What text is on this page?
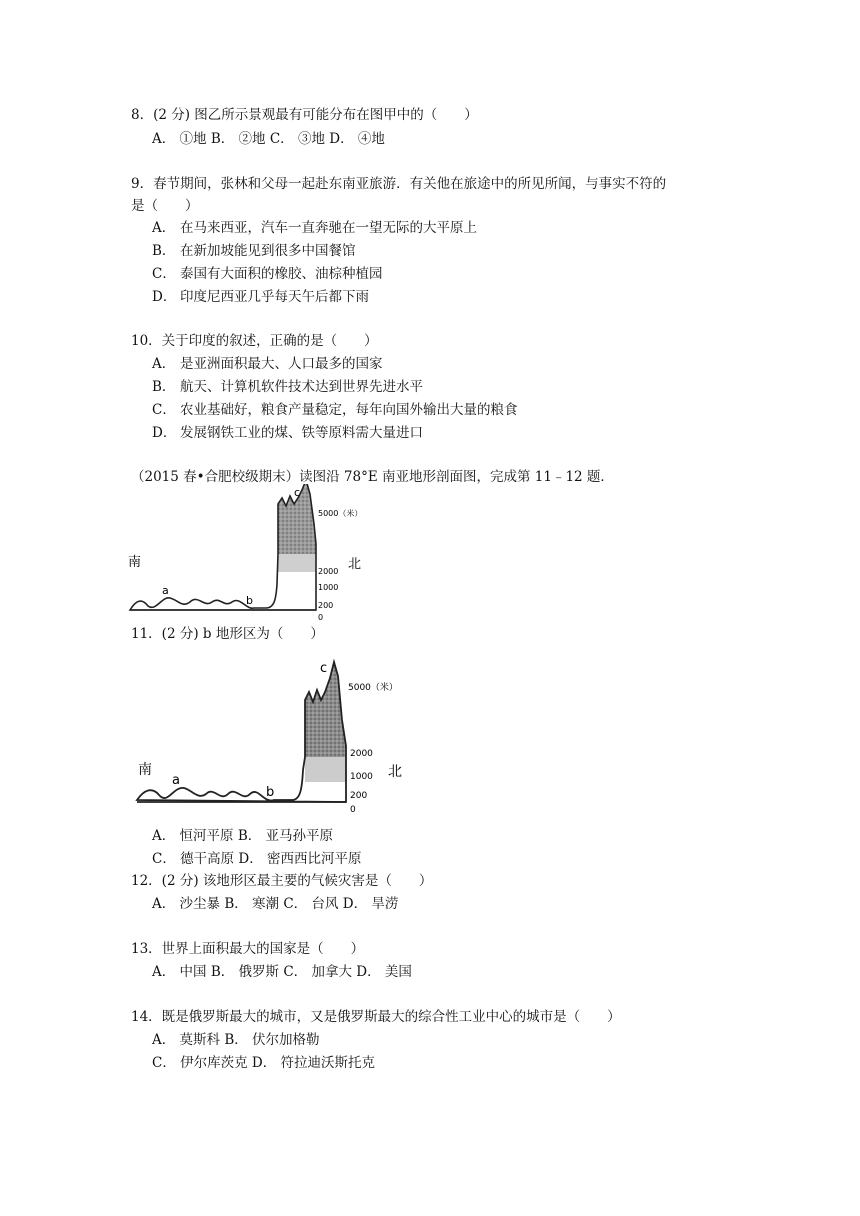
8．(2 分) 图乙所示景观最有可能分布在图甲中的（　　）
A． ①地 B． ②地 C． ③地 D． ④地
9．春节期间，张林和父母一起赴东南亚旅游．有关他在旅途中的所见所闻，与事实不符的
是（　　）
A． 在马来西亚，汽车一直奔驰在一望无际的大平原上
B． 在新加坡能见到很多中国餐馆
C． 泰国有大面积的橡胶、油棕种植园
D． 印度尼西亚几乎每天午后都下雨
10．关于印度的叙述，正确的是（　　）
A． 是亚洲面积最大、人口最多的国家
B． 航天、计算机软件技术达到世界先进水平
C． 农业基础好，粮食产量稳定，每年向国外输出大量的粮食
D． 发展钢铁工业的煤、铁等原料需大量进口
（2015 春•合肥校级期末）读图沿 78°E 南亚地形剖面图，完成第 11﹣12 题．
南	北
a
b
c
5000（米）
2000
1000
200
0
11．(2 分) b 地形区为（　　）
南	北
a
b
c
5000（米）
2000
1000
200
0
A． 恒河平原 B． 亚马孙平原
C． 德干高原 D． 密西西比河平原
12．(2 分) 该地形区最主要的气候灾害是（　　）
A． 沙尘暴 B． 寒潮 C． 台风 D． 旱涝
13．世界上面积最大的国家是（　　）
A． 中国 B． 俄罗斯 C． 加拿大 D． 美国
14．既是俄罗斯最大的城市，又是俄罗斯最大的综合性工业中心的城市是（　　）
A． 莫斯科 B． 伏尔加格勒
C． 伊尔库茨克 D． 符拉迪沃斯托克
